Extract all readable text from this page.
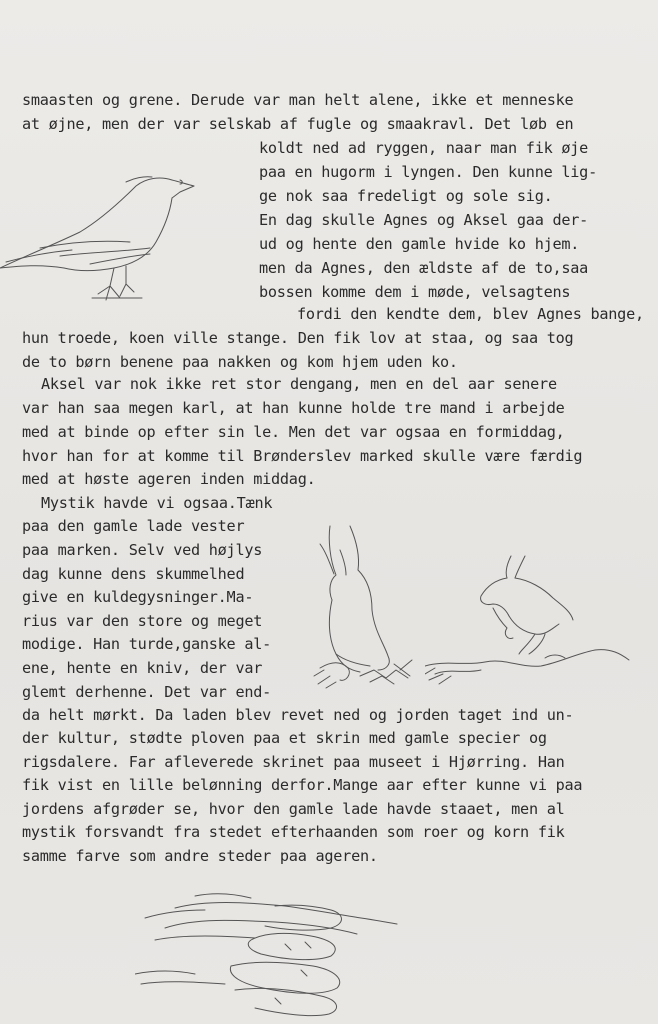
smaasten og grene. Derude var man helt alene, ikke et menneske
at øjne, men der var selskab af fugle og smaakravl. Det løb en
koldt ned ad ryggen, naar man fik øje
paa en hugorm i lyngen. Den kunne lig-
ge nok saa fredeligt og sole sig.
En dag skulle Agnes og Aksel gaa der-
ud og hente den gamle hvide ko hjem.
men da Agnes, den ældste af de to,saa
bossen komme dem i møde, velsagtens
fordi den kendte dem, blev Agnes bange,
hun troede, koen ville stange. Den fik lov at staa, og saa tog
de to børn benene paa nakken og kom hjem uden ko.
Aksel var nok ikke ret stor dengang, men en del aar senere
var han saa megen karl, at han kunne holde tre mand i arbejde
med at binde op efter sin le. Men det var ogsaa en formiddag,
hvor han for at komme til Brønderslev marked skulle være færdig
med at høste ageren inden middag.
Mystik havde vi ogsaa.Tænk
paa den gamle lade vester
paa marken. Selv ved højlys
dag kunne dens skummelhed
give en kuldegysninger.Ma-
rius var den store og meget
modige. Han turde,ganske al-
ene, hente en kniv, der var
glemt derhenne. Det var end-
da helt mørkt. Da laden blev revet ned og jorden taget ind un-
der kultur, stødte ploven paa et skrin med gamle specier og
rigsdalere. Far afleverede skrinet paa museet i Hjørring. Han
fik vist en lille belønning derfor.Mange aar efter kunne vi paa
jordens afgrøder se, hvor den gamle lade havde staaet, men al
mystik forsvandt fra stedet efterhaanden som roer og korn fik
samme farve som andre steder paa ageren.
